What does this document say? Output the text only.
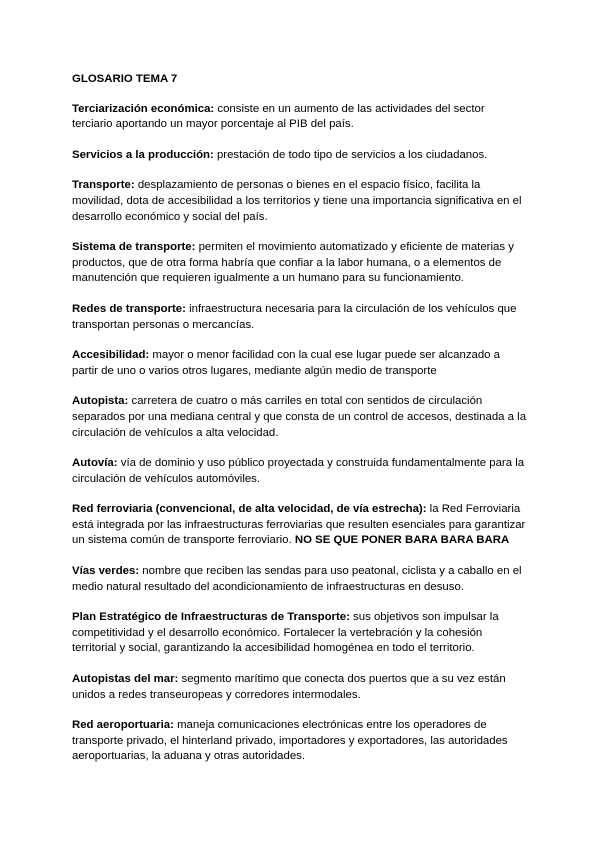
GLOSARIO TEMA 7

Terciarización económica: consiste en un aumento de las actividades del sector terciario aportando un mayor porcentaje al PIB del país.

Servicios a la producción: prestación de todo tipo de servicios a los ciudadanos.

Transporte: desplazamiento de personas o bienes en el espacio físico, facilita la movilidad, dota de accesibilidad a los territorios y tiene una importancia significativa en el desarrollo económico y social del país.

Sistema de transporte: permiten el movimiento automatizado y eficiente de materias y productos, que de otra forma habría que confiar a la labor humana, o a elementos de manutención que requieren igualmente a un humano para su funcionamiento.

Redes de transporte: infraestructura necesaria para la circulación de los vehículos que transportan personas o mercancías.

Accesibilidad: mayor o menor facilidad con la cual ese lugar puede ser alcanzado a partir de uno o varios otros lugares, mediante algún medio de transporte

Autopista: carretera de cuatro o más carriles en total con sentidos de circulación separados por una mediana central y que consta de un control de accesos, destinada a la circulación de vehículos a alta velocidad.

Autovía: vía de dominio y uso público proyectada y construida fundamentalmente para la circulación de vehículos automóviles.

Red ferroviaria (convencional, de alta velocidad, de vía estrecha): la Red Ferroviaria está integrada por las infraestructuras ferroviarias que resulten esenciales para garantizar un sistema común de transporte ferroviario. NO SE QUE PONER BARA BARA BARA

Vías verdes: nombre que reciben las sendas para uso peatonal, ciclista y a caballo en el medio natural resultado del acondicionamiento de infraestructuras en desuso.

Plan Estratégico de Infraestructuras de Transporte: sus objetivos son impulsar la competitividad y el desarrollo económico. Fortalecer la vertebración y la cohesión territorial y social, garantizando la accesibilidad homogénea en todo el territorio.

Autopistas del mar: segmento marítimo que conecta dos puertos que a su vez están unidos a redes transeuropeas y corredores intermodales.

Red aeroportuaria: maneja comunicaciones electrónicas entre los operadores de transporte privado, el hinterland privado, importadores y exportadores, las autoridades aeroportuarias, la aduana y otras autoridades.
